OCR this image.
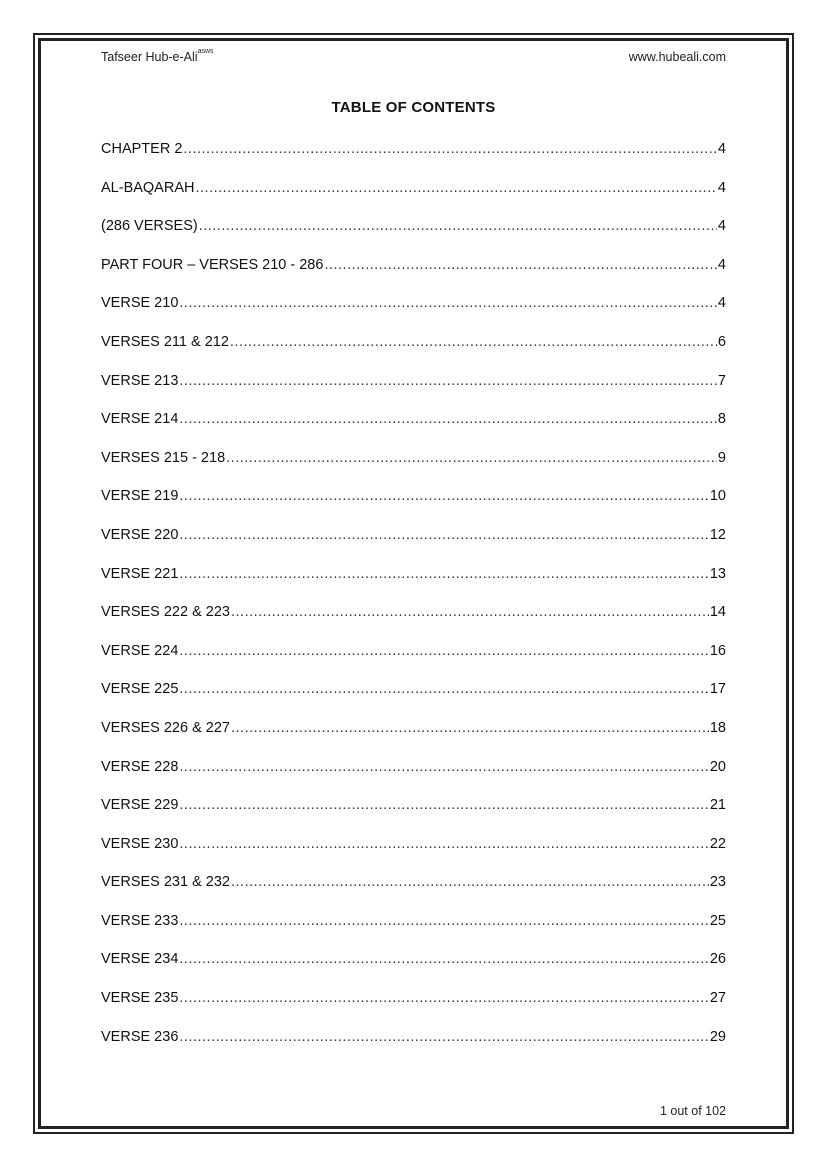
Tafseer Hub-e-Ali$^{asws}$	www.hubeali.com
TABLE OF CONTENTS
CHAPTER 2 .....	4
AL-BAQARAH .....	4
(286 VERSES) .....	4
PART FOUR – VERSES 210 - 286 .....	4
VERSE 210 .....	4
VERSES 211 & 212 .....	6
VERSE 213 .....	7
VERSE 214 .....	8
VERSES 215 - 218 .....	9
VERSE 219 .....	10
VERSE 220 .....	12
VERSE 221 .....	13
VERSES 222 & 223 .....	14
VERSE 224 .....	16
VERSE 225 .....	17
VERSES 226 & 227 .....	18
VERSE 228 .....	20
VERSE 229 .....	21
VERSE 230 .....	22
VERSES 231 & 232 .....	23
VERSE 233 .....	25
VERSE 234 .....	26
VERSE 235 .....	27
VERSE 236 .....	29
1 out of 102
